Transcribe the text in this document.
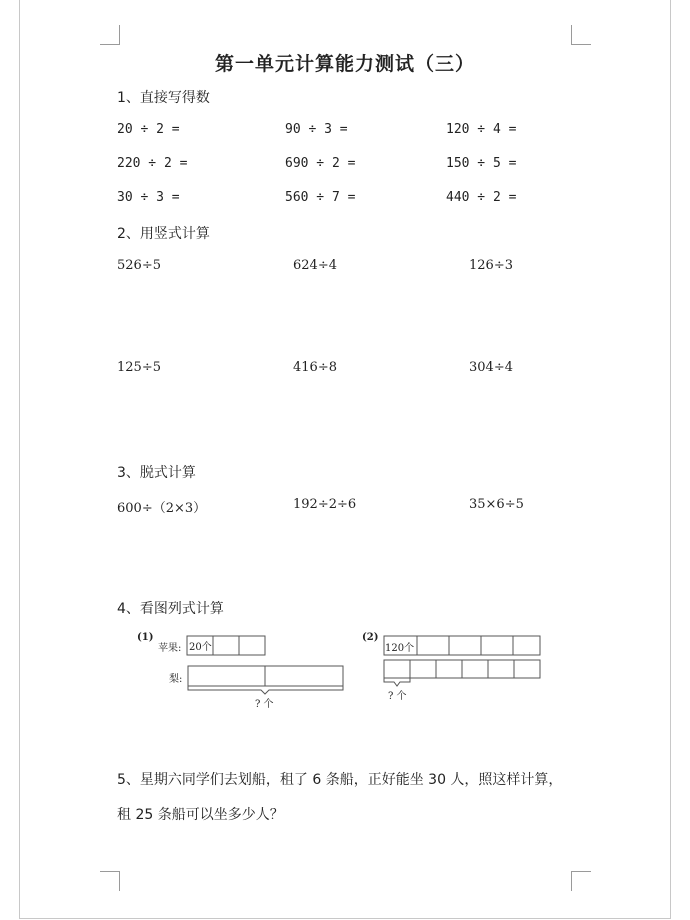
第一单元计算能力测试（三）
1、直接写得数
20 ÷ 2 =	90 ÷ 3 =	120 ÷ 4 =
220 ÷ 2 =	690 ÷ 2 =	150 ÷ 5 =
30 ÷ 3 =	560 ÷ 7 =	440 ÷ 2 =
2、用竖式计算
526÷5	624÷4	126÷3
125÷5	416÷8	304÷4
3、脱式计算
600÷（2×3）	192÷2÷6	35×6÷5
4、看图列式计算
(1)
苹果: 20个
梨:
? 个
(2)
120个
? 个
5、星期六同学们去划船，租了 6 条船，正好能坐 30 人，照这样计算，
租 25 条船可以坐多少人？
